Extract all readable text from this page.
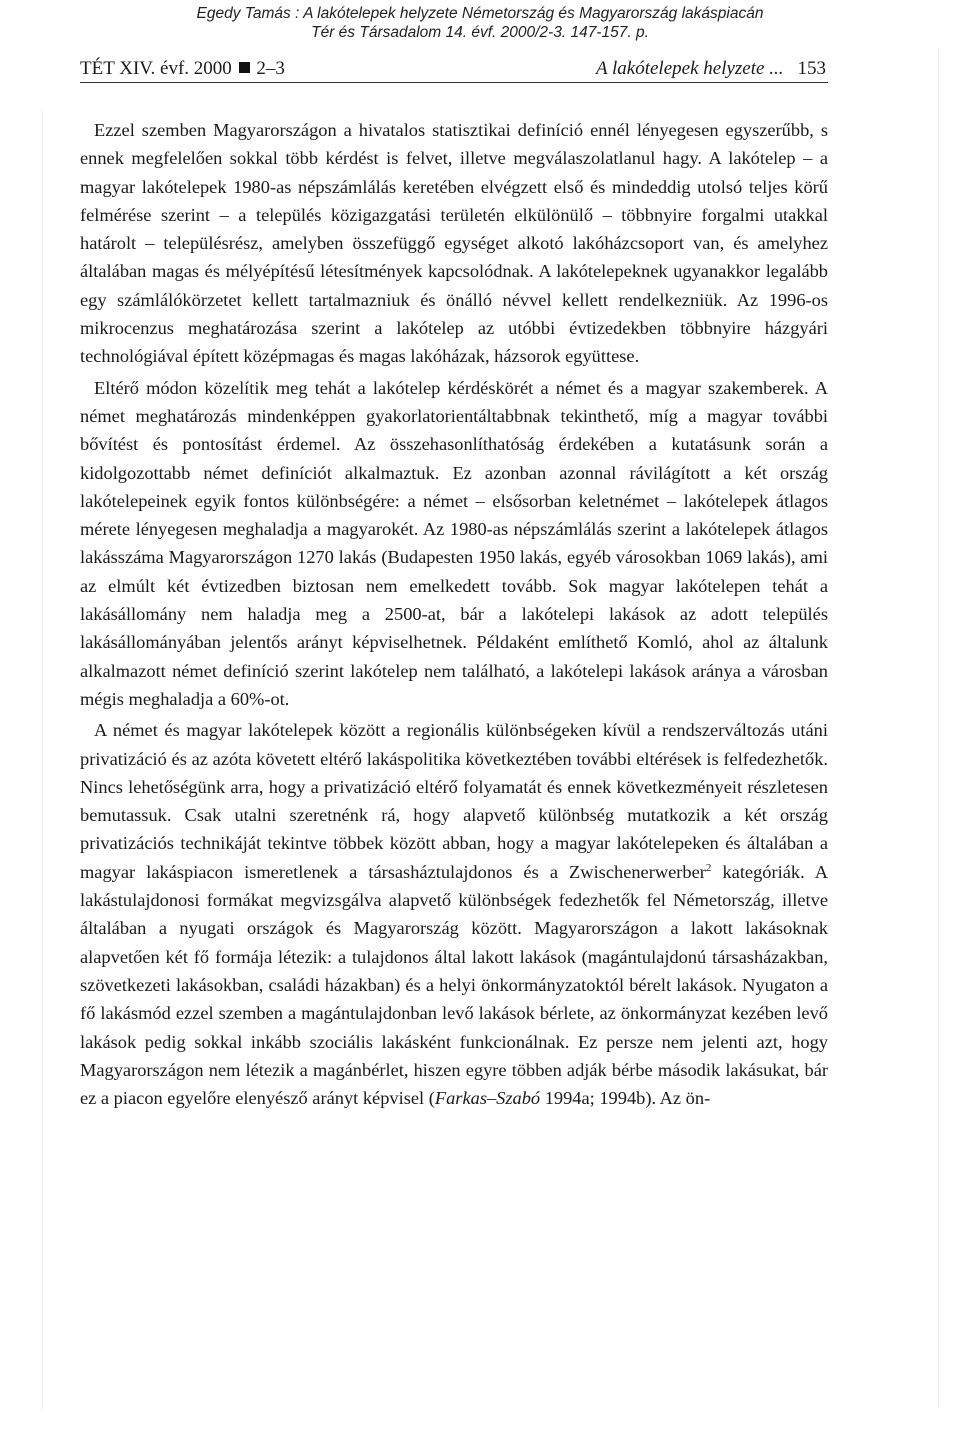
Egedy Tamás : A lakótelepek helyzete Németország és Magyarország lakáspiacán
Tér és Társadalom 14. évf. 2000/2-3. 147-157. p.
TÉT XIV. évf. 2000 2–3	A lakótelepek helyzete ... 153

Ezzel szemben Magyarországon a hivatalos statisztikai definíció ennél lényegesen egyszerűbb, s ennek megfelelően sokkal több kérdést is felvet, illetve megválaszolatlanul hagy. A lakótelep – a magyar lakótelepek 1980-as népszámlálás keretében elvégzett első és mindeddig utolsó teljes körű felmérése szerint – a település közigazgatási területén elkülönülő – többnyire forgalmi utakkal határolt – településrész, amelyben összefüggő egységet alkotó lakóházcsoport van, és amelyhez általában magas és mélyépítésű létesítmények kapcsolódnak. A lakótelepeknek ugyanakkor legalább egy számlálókörzetet kellett tartalmazniuk és önálló névvel kellett rendelkezniük. Az 1996-os mikrocenzus meghatározása szerint a lakótelep az utóbbi évtizedekben többnyire házgyári technológiával épített középmagas és magas lakóházak, házsorok együttese.

Eltérő módon közelítik meg tehát a lakótelep kérdéskörét a német és a magyar szakemberek. A német meghatározás mindenképpen gyakorlatorientáltabbnak tekinthető, míg a magyar további bővítést és pontosítást érdemel. Az összehasonlíthatóság érdekében a kutatásunk során a kidolgozottabb német definíciót alkalmaztuk. Ez azonban azonnal rávilágított a két ország lakótelepeinek egyik fontos különbségére: a német – elsősorban keletnémet – lakótelepek átlagos mérete lényegesen meghaladja a magyarokét. Az 1980-as népszámlálás szerint a lakótelepek átlagos lakásszáma Magyarországon 1270 lakás (Budapesten 1950 lakás, egyéb városokban 1069 lakás), ami az elmúlt két évtizedben biztosan nem emelkedett tovább. Sok magyar lakótelepen tehát a lakásállomány nem haladja meg a 2500-at, bár a lakótelepi lakások az adott település lakásállományában jelentős arányt képviselhetnek. Példaként említhető Komló, ahol az általunk alkalmazott német definíció szerint lakótelep nem található, a lakótelepi lakások aránya a városban mégis meghaladja a 60%-ot.

A német és magyar lakótelepek között a regionális különbségeken kívül a rendszerváltozás utáni privatizáció és az azóta követett eltérő lakáspolitika következtében további eltérések is felfedezhetők. Nincs lehetőségünk arra, hogy a privatizáció eltérő folyamatát és ennek következményeit részletesen bemutassuk. Csak utalni szeretnénk rá, hogy alapvető különbség mutatkozik a két ország privatizációs technikáját tekintve többek között abban, hogy a magyar lakótelepeken és általában a magyar lakáspiacon ismeretlenek a társasháztulajdonos és a Zwischenerwerber$^2$ kategóriák. A lakástulajdonosi formákat megvizsgálva alapvető különbségek fedezhetők fel Németország, illetve általában a nyugati országok és Magyarország között. Magyarországon a lakott lakásoknak alapvetően két fő formája létezik: a tulajdonos által lakott lakások (magántulajdonú társasházakban, szövetkezeti lakásokban, családi házakban) és a helyi önkormányzatoktól bérelt lakások. Nyugaton a fő lakásmód ezzel szemben a magántulajdonban levő lakások bérlete, az önkormányzat kezében levő lakások pedig sokkal inkább szociális lakásként funkcionálnak. Ez persze nem jelenti azt, hogy Magyarországon nem létezik a magánbérlet, hiszen egyre többen adják bérbe második lakásukat, bár ez a piacon egyelőre elenyésző arányt képvisel (Farkas–Szabó 1994a; 1994b). Az ön-
